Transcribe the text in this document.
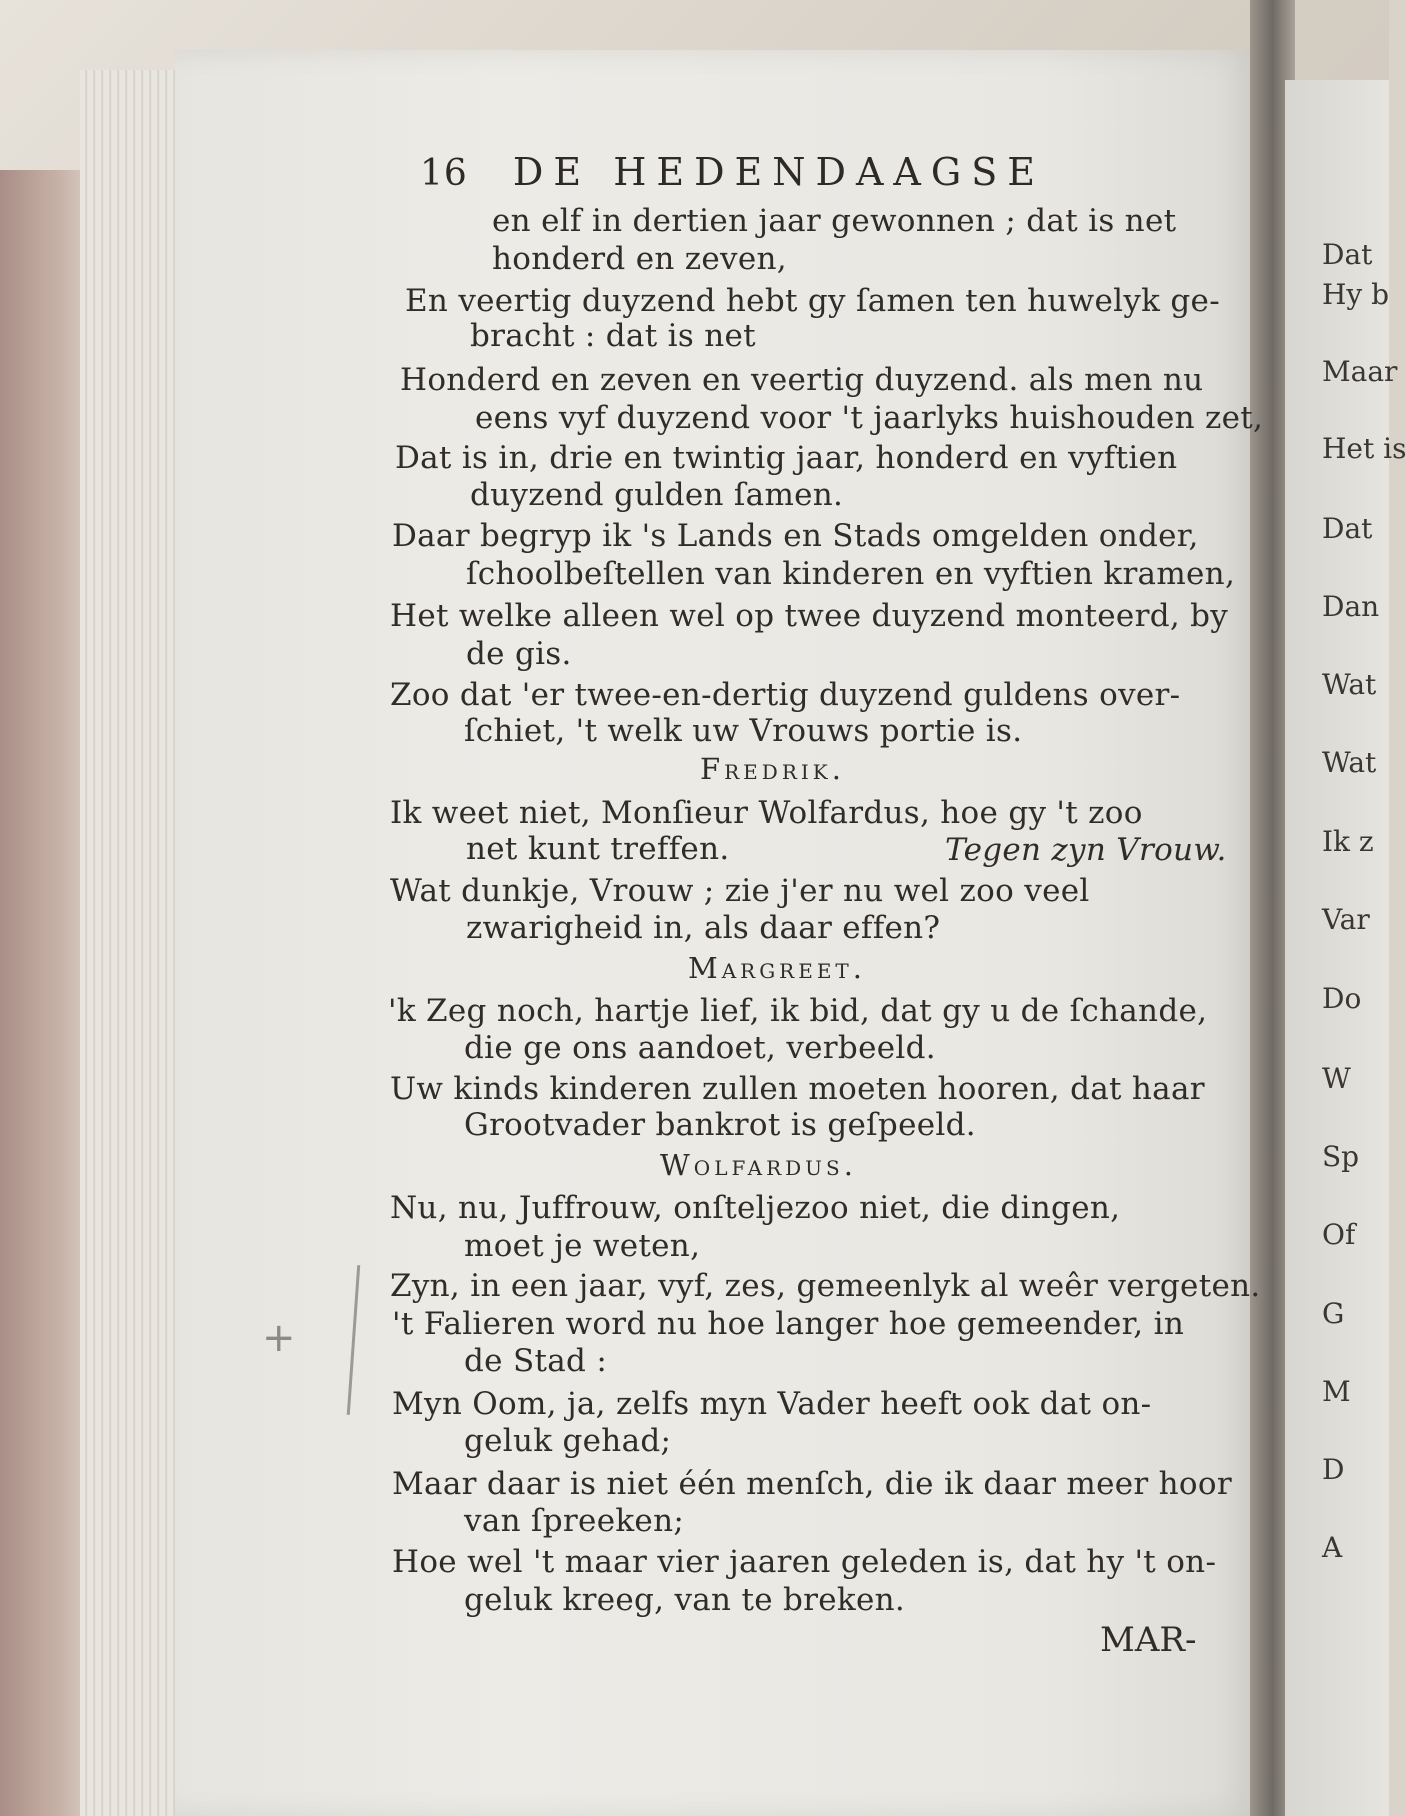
16 DE HEDENDAAGSE
en elf in dertien jaar gewonnen ; dat is net
honderd en zeven,
En veertig duyzend hebt gy ſamen ten huwelyk ge-
bracht : dat is net
Honderd en zeven en veertig duyzend. als men nu
eens vyf duyzend voor 't jaarlyks huishouden zet,
Dat is in, drie en twintig jaar, honderd en vyftien
duyzend gulden ſamen.
Daar begryp ik 's Lands en Stads omgelden onder,
ſchoolbeſtellen van kinderen en vyftien kramen,
Het welke alleen wel op twee duyzend monteerd, by
de gis.
Zoo dat 'er twee-en-dertig duyzend guldens over-
ſchiet, 't welk uw Vrouws portie is.
Fredrik.
Ik weet niet, Monſieur Wolfardus, hoe gy 't zoo
net kunt treffen.	Tegen zyn Vrouw.
Wat dunkje, Vrouw ; zie j'er nu wel zoo veel
zwarigheid in, als daar effen?
Margreet.
'k Zeg noch, hartje lief, ik bid, dat gy u de ſchande,
die ge ons aandoet, verbeeld.
Uw kinds kinderen zullen moeten hooren, dat haar
Grootvader bankrot is geſpeeld.
Wolfardus.
Nu, nu, Juffrouw, onſteljezoo niet, die dingen,
moet je weten,
Zyn, in een jaar, vyf, zes, gemeenlyk al weêr vergeten.
't Falieren word nu hoe langer hoe gemeender, in
de Stad :
Myn Oom, ja, zelfs myn Vader heeft ook dat on-
geluk gehad;
Maar daar is niet één menſch, die ik daar meer hoor
van ſpreeken;
Hoe wel 't maar vier jaaren geleden is, dat hy 't on-
geluk kreeg, van te breken.
MAR-
+
Dat
Hy b
Maar
Het is
Dat
Dan
Wat
Wat
Ik z
Var
Do
W
Sp
Of
G
M
D
A
